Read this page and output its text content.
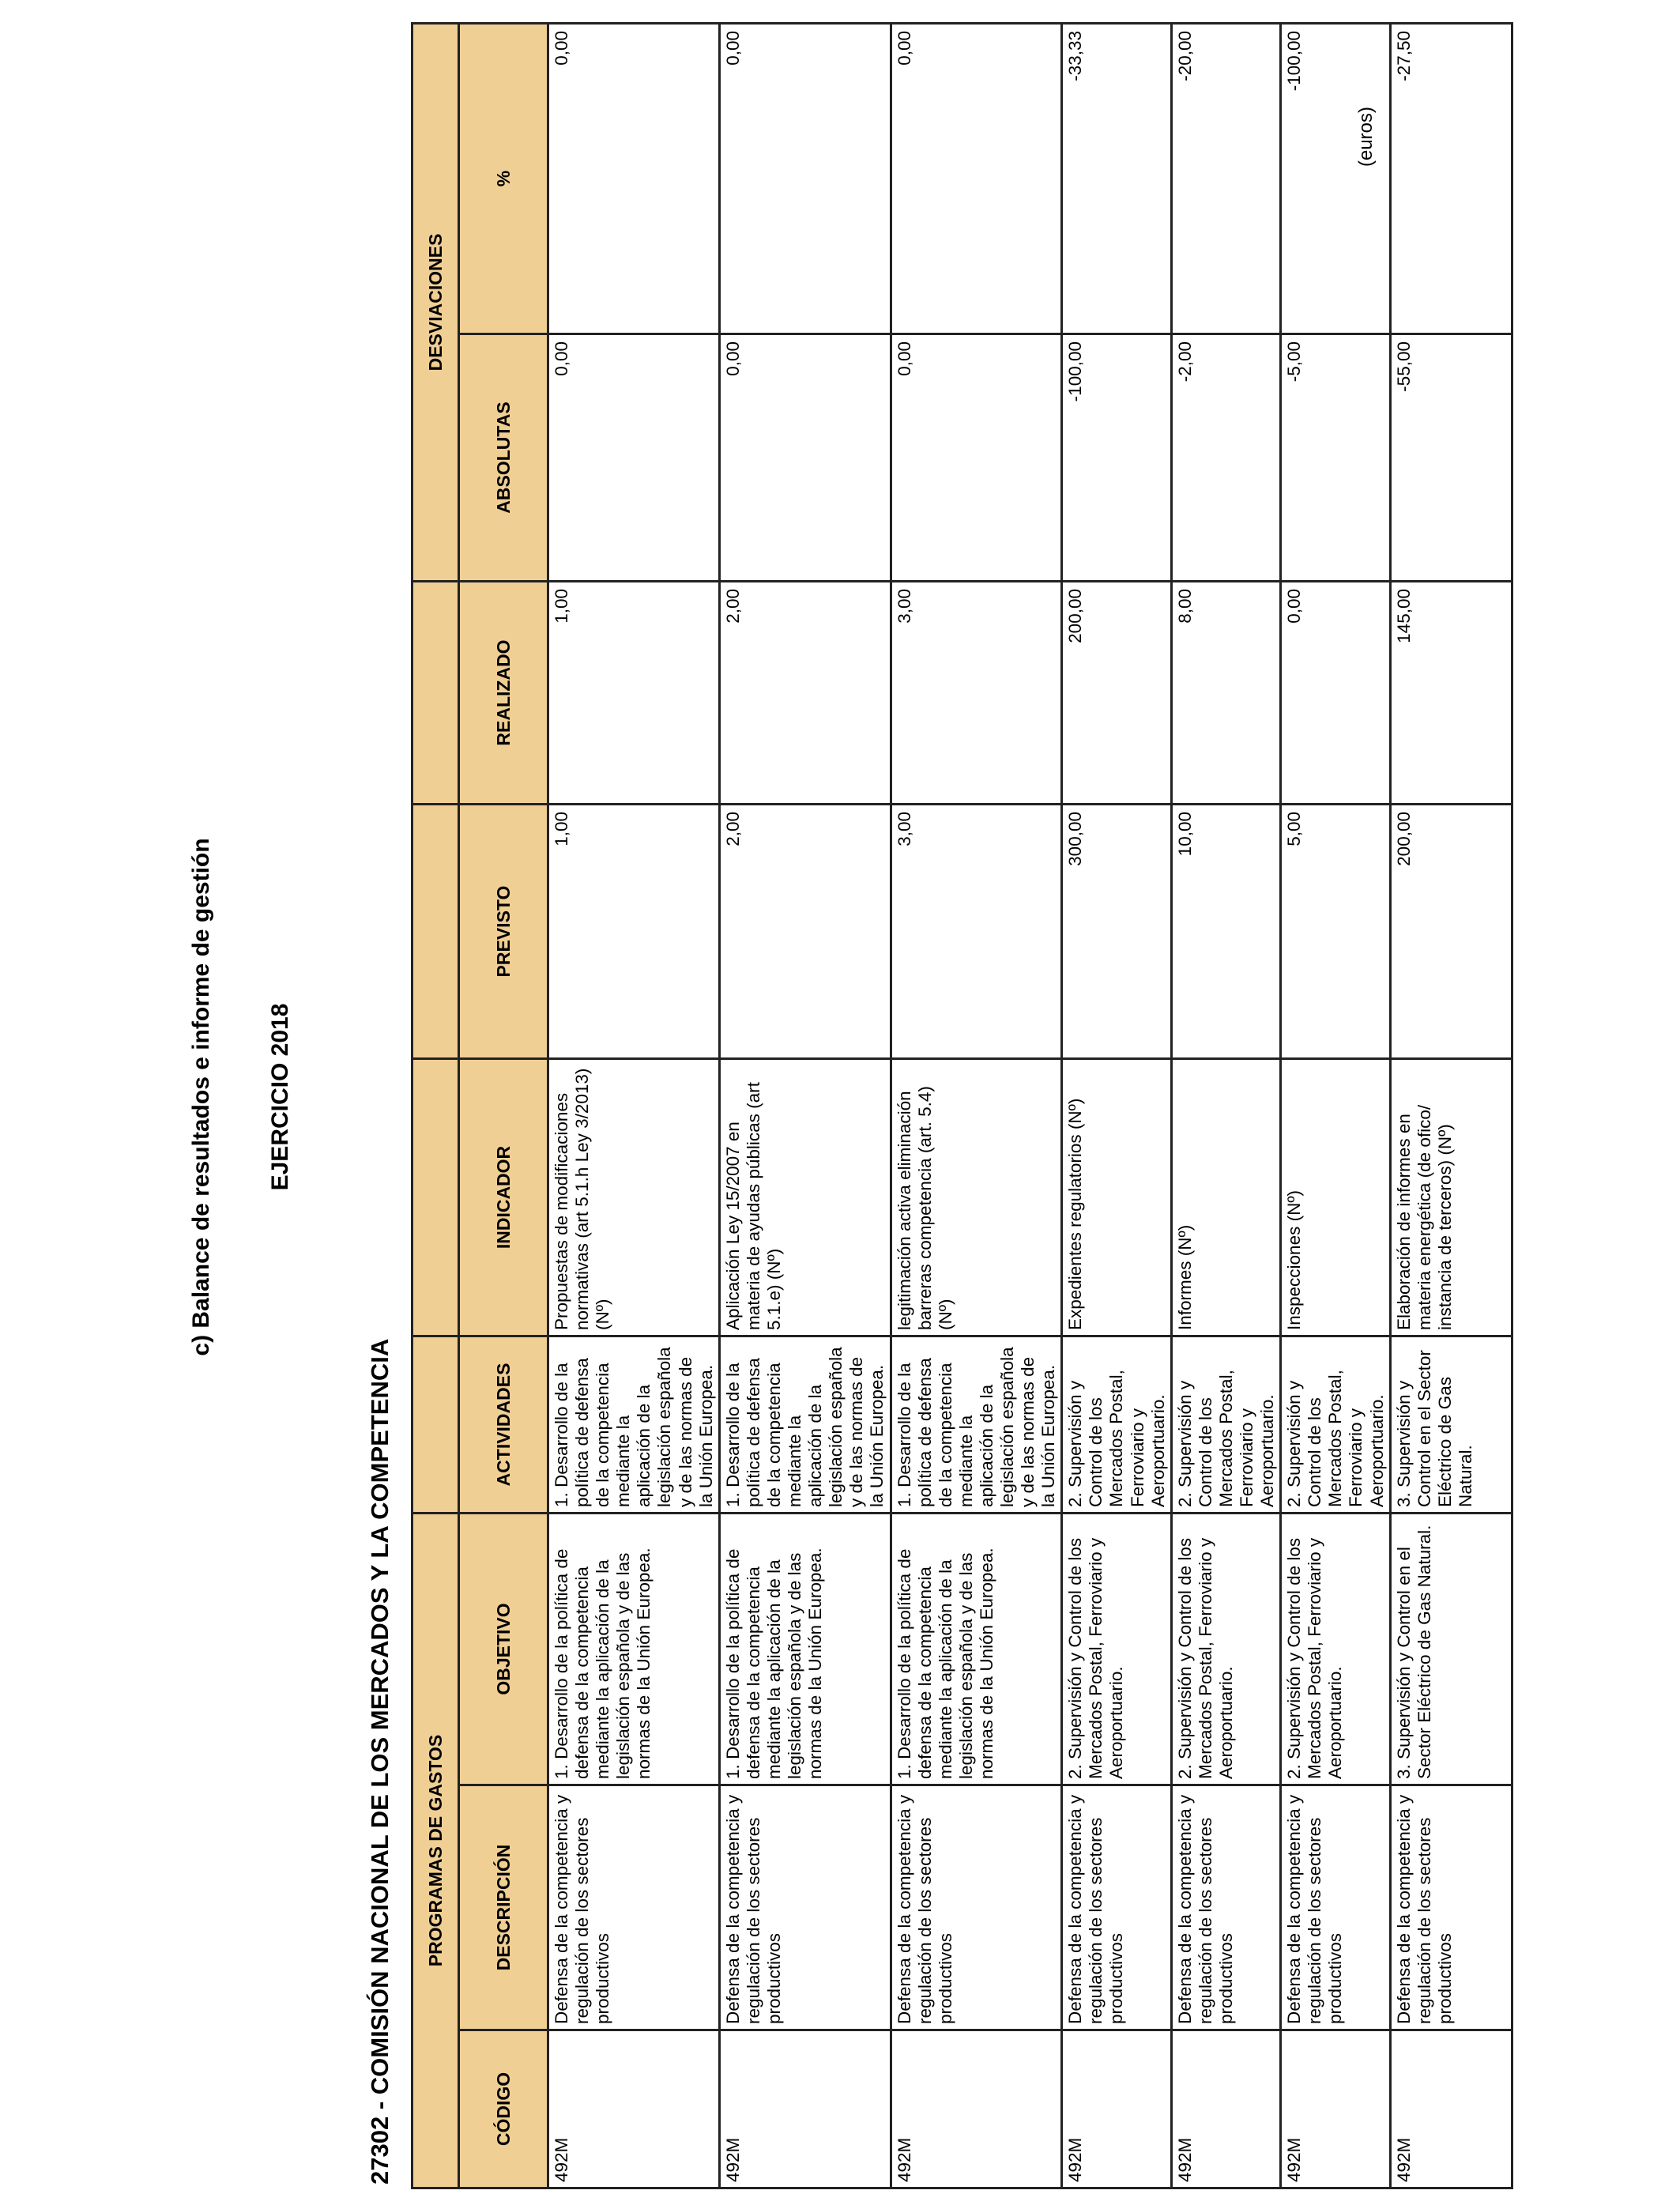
c) Balance de resultados e informe de gestión EJERCICIO 2018
27302 - COMISIÓN NACIONAL DE LOS MERCADOS Y LA COMPETENCIA
(euros)
PROGRAMAS DE GASTOS							DESVIACIONES	
CÓDIGO	DESCRIPCIÓN	OBJETIVO	ACTIVIDADES	INDICADOR	PREVISTO	REALIZADO	ABSOLUTAS	%
492M	Defensa de la competencia y regulación de los sectores productivos	1. Desarrollo de la política de defensa de la competencia mediante la aplicación de la legislación española y de las normas de la Unión Europea.	1. Desarrollo de la política de defensa de la competencia mediante la aplicación de la legislación española y de las normas de la Unión Europea.	Propuestas de modificaciones normativas (art 5.1.h Ley 3/2013) (Nº)	1,00	1,00	0,00	0,00
492M	Defensa de la competencia y regulación de los sectores productivos	1. Desarrollo de la política de defensa de la competencia mediante la aplicación de la legislación española y de las normas de la Unión Europea.	1. Desarrollo de la política de defensa de la competencia mediante la aplicación de la legislación española y de las normas de la Unión Europea.	Aplicación Ley 15/2007 en materia de ayudas públicas (art 5.1.e) (Nº)	2,00	2,00	0,00	0,00
492M	Defensa de la competencia y regulación de los sectores productivos	1. Desarrollo de la política de defensa de la competencia mediante la aplicación de la legislación española y de las normas de la Unión Europea.	1. Desarrollo de la política de defensa de la competencia mediante la aplicación de la legislación española y de las normas de la Unión Europea.	legitimación activa eliminación barreras competencia (art. 5.4) (Nº)	3,00	3,00	0,00	0,00
492M	Defensa de la competencia y regulación de los sectores productivos	2. Supervisión y Control de los Mercados Postal, Ferroviario y Aeroportuario.	2. Supervisión y Control de los Mercados Postal, Ferroviario y Aeroportuario.	Expedientes regulatorios (Nº)	300,00	200,00	-100,00	-33,33
492M	Defensa de la competencia y regulación de los sectores productivos	2. Supervisión y Control de los Mercados Postal, Ferroviario y Aeroportuario.	2. Supervisión y Control de los Mercados Postal, Ferroviario y Aeroportuario.	Informes (Nº)	10,00	8,00	-2,00	-20,00
492M	Defensa de la competencia y regulación de los sectores productivos	2. Supervisión y Control de los Mercados Postal, Ferroviario y Aeroportuario.	2. Supervisión y Control de los Mercados Postal, Ferroviario y Aeroportuario.	Inspecciones (Nº)	5,00	0,00	-5,00	-100,00
492M	Defensa de la competencia y regulación de los sectores productivos	3. Supervisión y Control en el Sector Eléctrico de Gas Natural.	3. Supervisión y Control en el Sector Eléctrico de Gas Natural.	Elaboración de informes en materia energética (de ofico/ instancia de terceros) (Nº)	200,00	145,00	-55,00	-27,50
